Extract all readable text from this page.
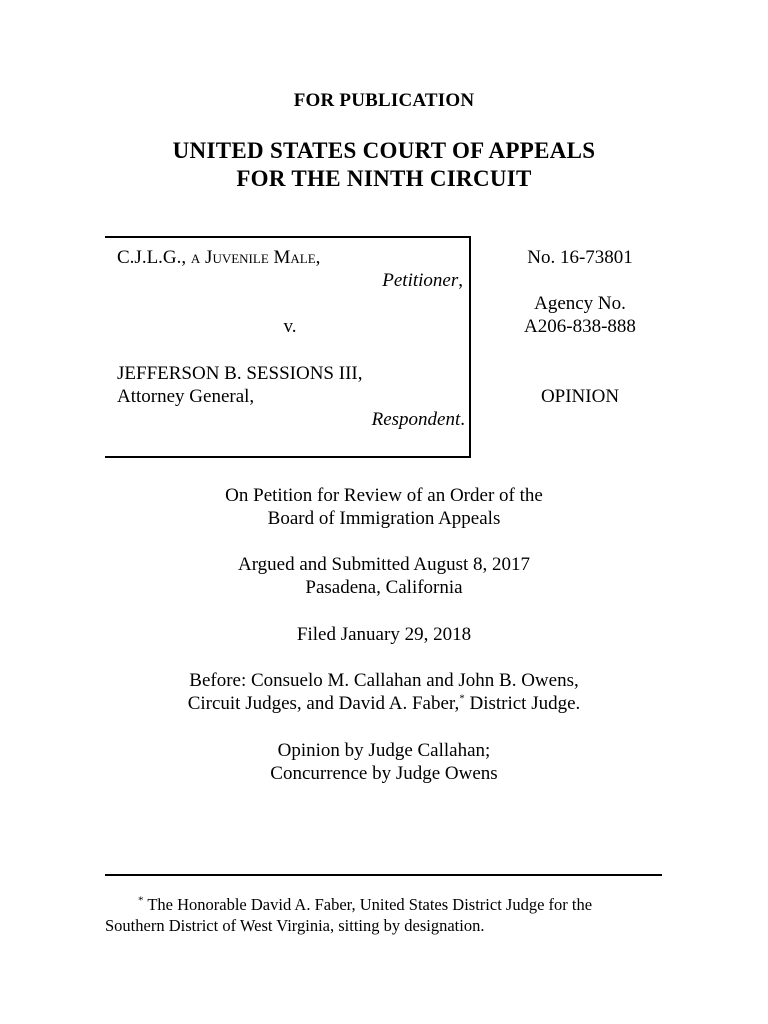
FOR PUBLICATION
UNITED STATES COURT OF APPEALS
FOR THE NINTH CIRCUIT
C.J.L.G., a Juvenile Male,
Petitioner,
v.
JEFFERSON B. SESSIONS III,
Attorney General,
Respondent.
No. 16-73801
Agency No.
A206-838-888
OPINION
On Petition for Review of an Order of the
Board of Immigration Appeals
Argued and Submitted August 8, 2017
Pasadena, California
Filed January 29, 2018
Before: Consuelo M. Callahan and John B. Owens,
Circuit Judges, and David A. Faber,* District Judge.
Opinion by Judge Callahan;
Concurrence by Judge Owens
* The Honorable David A. Faber, United States District Judge for the
Southern District of West Virginia, sitting by designation.
